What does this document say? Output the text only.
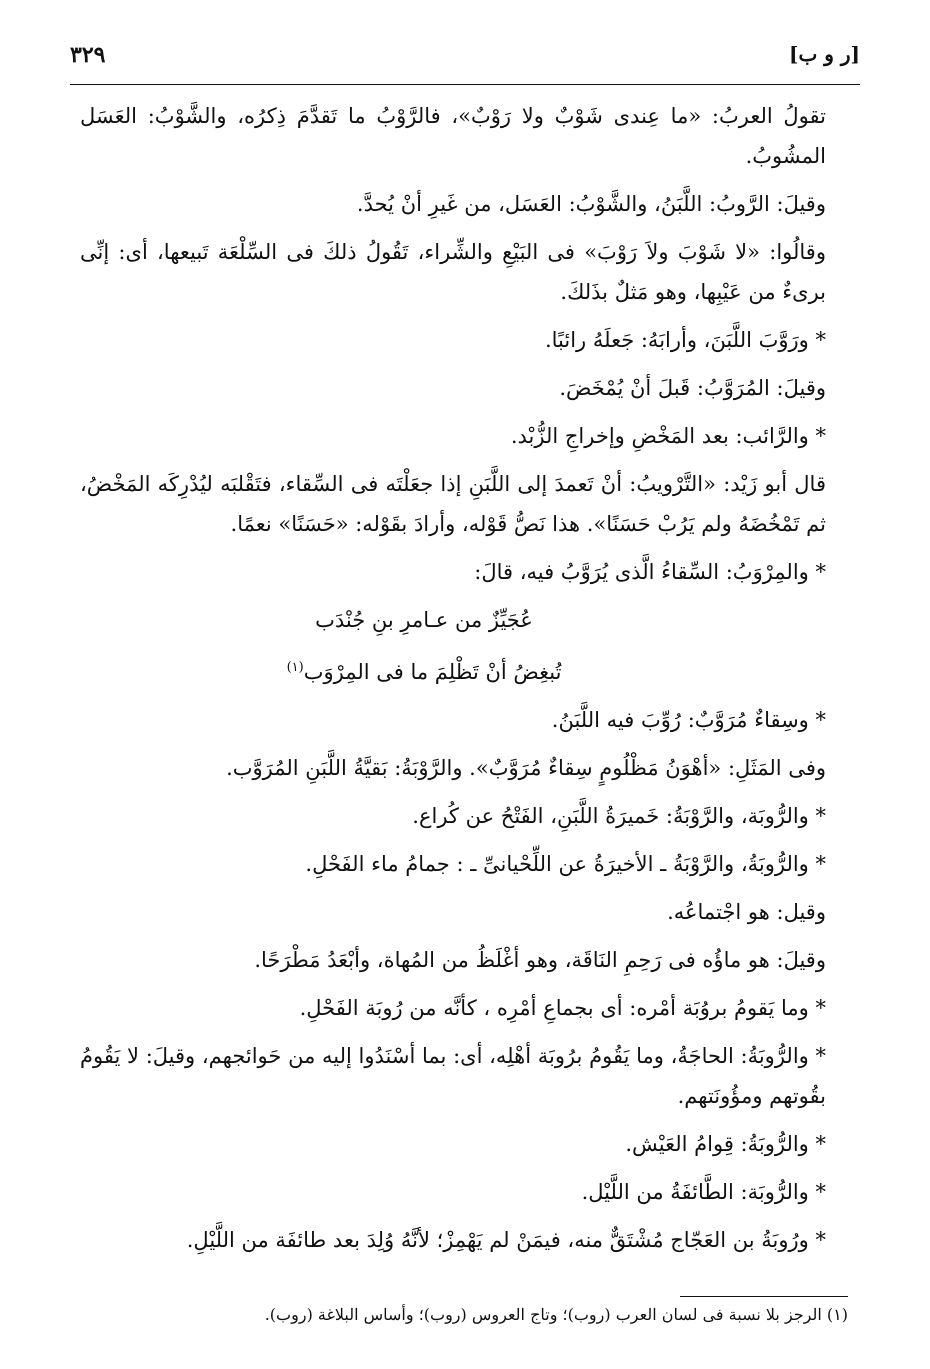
[ر و ب]
٣٢٩

تقولُ العربُ: «ما عِندى شَوْبٌ ولا رَوْبٌ»، فالرَّوْبُ ما تَقدَّمَ ذِكرُه، والشَّوْبُ: العَسَل المشُوبُ.

وقيلَ: الرَّوبُ: اللَّبَنُ، والشَّوْبُ: العَسَل، من غَيرِ أنْ يُحدَّ.

وقالُوا: «لا شَوْبَ ولاَ رَوْبَ» فى البَيْعِ والشِّراء، تَقُولُ ذلكَ فى السِّلْعَة تَبيعها، أى: إنِّى برىءٌ من عَيْبِها، وهو مَثلٌ بذَلكَ.

* ورَوَّبَ اللَّبَنَ، وأرابَهُ: جَعلَهُ رائبًا.

وقيلَ: المُرَوَّبُ: قَبلَ أنْ يُمْخَضَ.

* والرَّائب: بعد المَخْضِ وإخراجِ الزُّبْد.

قال أبو زَيْد: «التَّرْويبُ: أنْ تَعمدَ إلى اللَّبَنِ إذا جعَلْتَه فى السِّقاء، فتَقْلبَه ليُدْرِكَه المَخْضُ، ثم تَمْخُضَهُ ولم يَرُبْ حَسَنًا». هذا نَصُّ قَوْله، وأرادَ بقَوْله: «حَسَنًا» نعمًا.

* والمِرْوَبُ: السِّقاءُ الَّذى يُرَوَّبُ فيه، قالَ:

عُجَيِّزٌ من عـامرِ بنِ جُنْدَب

تُبغِضُ أنْ تَظْلِمَ ما فى المِرْوَب$^{(١)}$

* وسِقاءٌ مُرَوَّبٌ: رُوِّبَ فيه اللَّبَنُ.

وفى المَثَلِ: «أهْوَنُ مَظْلُومٍ سِقاءٌ مُرَوَّبٌ». والرَّوْبَةُ: بَقيَّةُ اللَّبَنِ المُرَوَّب.

* والرُّوبَة، والرَّوْبَةُ: خَميرَةُ اللَّبَنِ، الفَتْحُ عن كُراع.

* والرُّوبَةُ، والرَّوْبَةُ ـ الأخيرَةُ عن اللِّحْيانىِّ ـ : جمامُ ماء الفَحْلِ.

وقيل: هو اجْتماعُه.

وقيلَ: هو ماؤُه فى رَحِمِ النَاقَة، وهو أغْلَظُ من المُهاة، وأبْعَدُ مَطْرَحًا.

* وما يَقومُ بروُبَة أمْره: أى بجماعِ أمْرِه ، كأنَّه من رُوبَة الفَحْلِ.

* والرُّوبَةُ: الحاجَةُ، وما يَقُومُ برُوبَة أهْلِه، أى: بما أسْنَدُوا إليه من حَوائجهم، وقيلَ: لا يَقُومُ بقُوتهم ومؤُونَتهم.

* والرُّوبَةُ: قِوامُ العَيْش.

* والرُّوبَة: الطَّائفَةُ من اللَّيْل.

* ورُوبَةُ بن العَجّاج مُشْتَقٌّ منه، فيمَنْ لم يَهْمِزْ؛ لأنَّهُ وُلِدَ بعد طائفَة من اللَّيْلِ.

(١) الرجز بلا نسبة فى لسان العرب (روب)؛ وتاج العروس (روب)؛ وأساس البلاغة (روب).
